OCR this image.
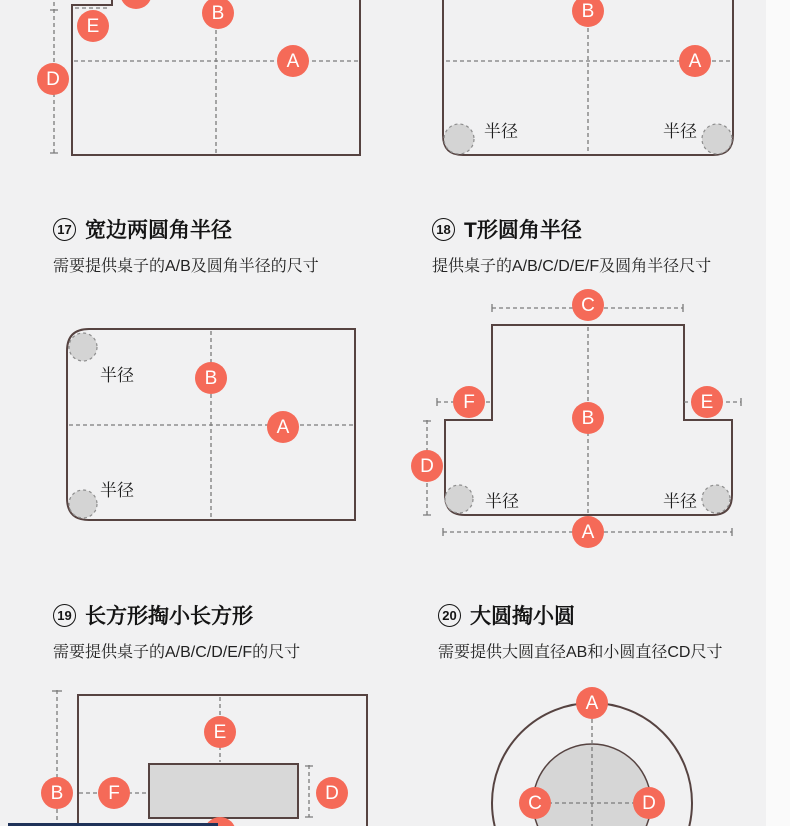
E
B
A
D
B
A
B
A
C
F	E
B
D
A
E
B	F	D
A
C	D
半径	半径
半径
半径
半径	半径
17 宽边两圆角半径
需要提供桌子的A/B及圆角半径的尺寸
18 T形圆角半径
提供桌子的A/B/C/D/E/F及圆角半径尺寸
19 长方形掏小长方形
需要提供桌子的A/B/C/D/E/F的尺寸
20 大圆掏小圆
需要提供大圆直径AB和小圆直径CD尺寸
